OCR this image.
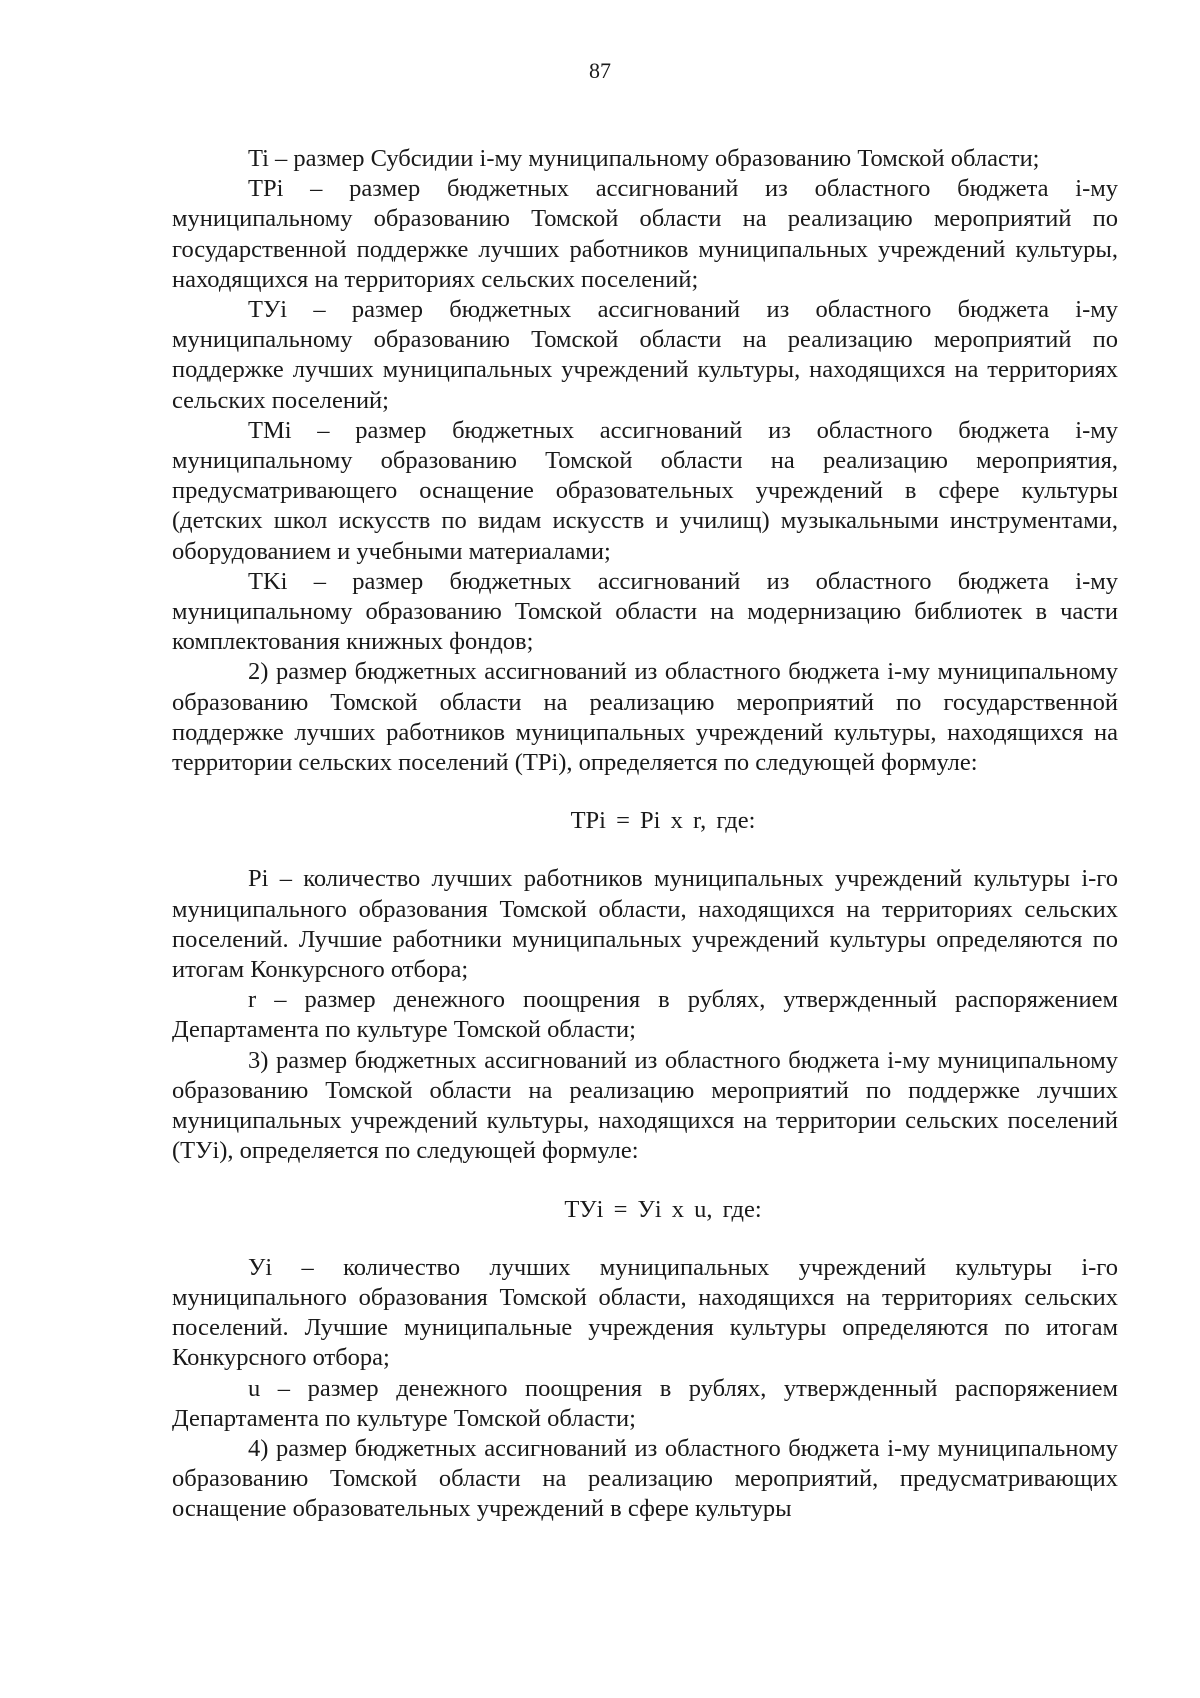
87

Ti – размер Субсидии i-му муниципальному образованию Томской области;

TPi – размер бюджетных ассигнований из областного бюджета i-му муниципальному образованию Томской области на реализацию мероприятий по государственной поддержке лучших работников муниципальных учреждений культуры, находящихся на территориях сельских поселений;

TУi – размер бюджетных ассигнований из областного бюджета i-му муниципальному образованию Томской области на реализацию мероприятий по поддержке лучших муниципальных учреждений культуры, находящихся на территориях сельских поселений;

TMi – размер бюджетных ассигнований из областного бюджета i-му муниципальному образованию Томской области на реализацию мероприятия, предусматривающего оснащение образовательных учреждений в сфере культуры (детских школ искусств по видам искусств и училищ) музыкальными инструментами, оборудованием и учебными материалами;

TKi – размер бюджетных ассигнований из областного бюджета i-му муниципальному образованию Томской области на модернизацию библиотек в части комплектования книжных фондов;

2) размер бюджетных ассигнований из областного бюджета i-му муниципальному образованию Томской области на реализацию мероприятий по государственной поддержке лучших работников муниципальных учреждений культуры, находящихся на территории сельских поселений (TPi), определяется по следующей формуле:

TPi = Pi x r, где:

Pi – количество лучших работников муниципальных учреждений культуры i-го муниципального образования Томской области, находящихся на территориях сельских поселений. Лучшие работники муниципальных учреждений культуры определяются по итогам Конкурсного отбора;

r – размер денежного поощрения в рублях, утвержденный распоряжением Департамента по культуре Томской области;

3) размер бюджетных ассигнований из областного бюджета i-му муниципальному образованию Томской области на реализацию мероприятий по поддержке лучших муниципальных учреждений культуры, находящихся на территории сельских поселений (TУi), определяется по следующей формуле:

TУi = Уi x u, где:

Уi – количество лучших муниципальных учреждений культуры i-го муниципального образования Томской области, находящихся на территориях сельских поселений. Лучшие муниципальные учреждения культуры определяются по итогам Конкурсного отбора;

u – размер денежного поощрения в рублях, утвержденный распоряжением Департамента по культуре Томской области;

4) размер бюджетных ассигнований из областного бюджета i-му муниципальному образованию Томской области на реализацию мероприятий, предусматривающих оснащение образовательных учреждений в сфере культуры
